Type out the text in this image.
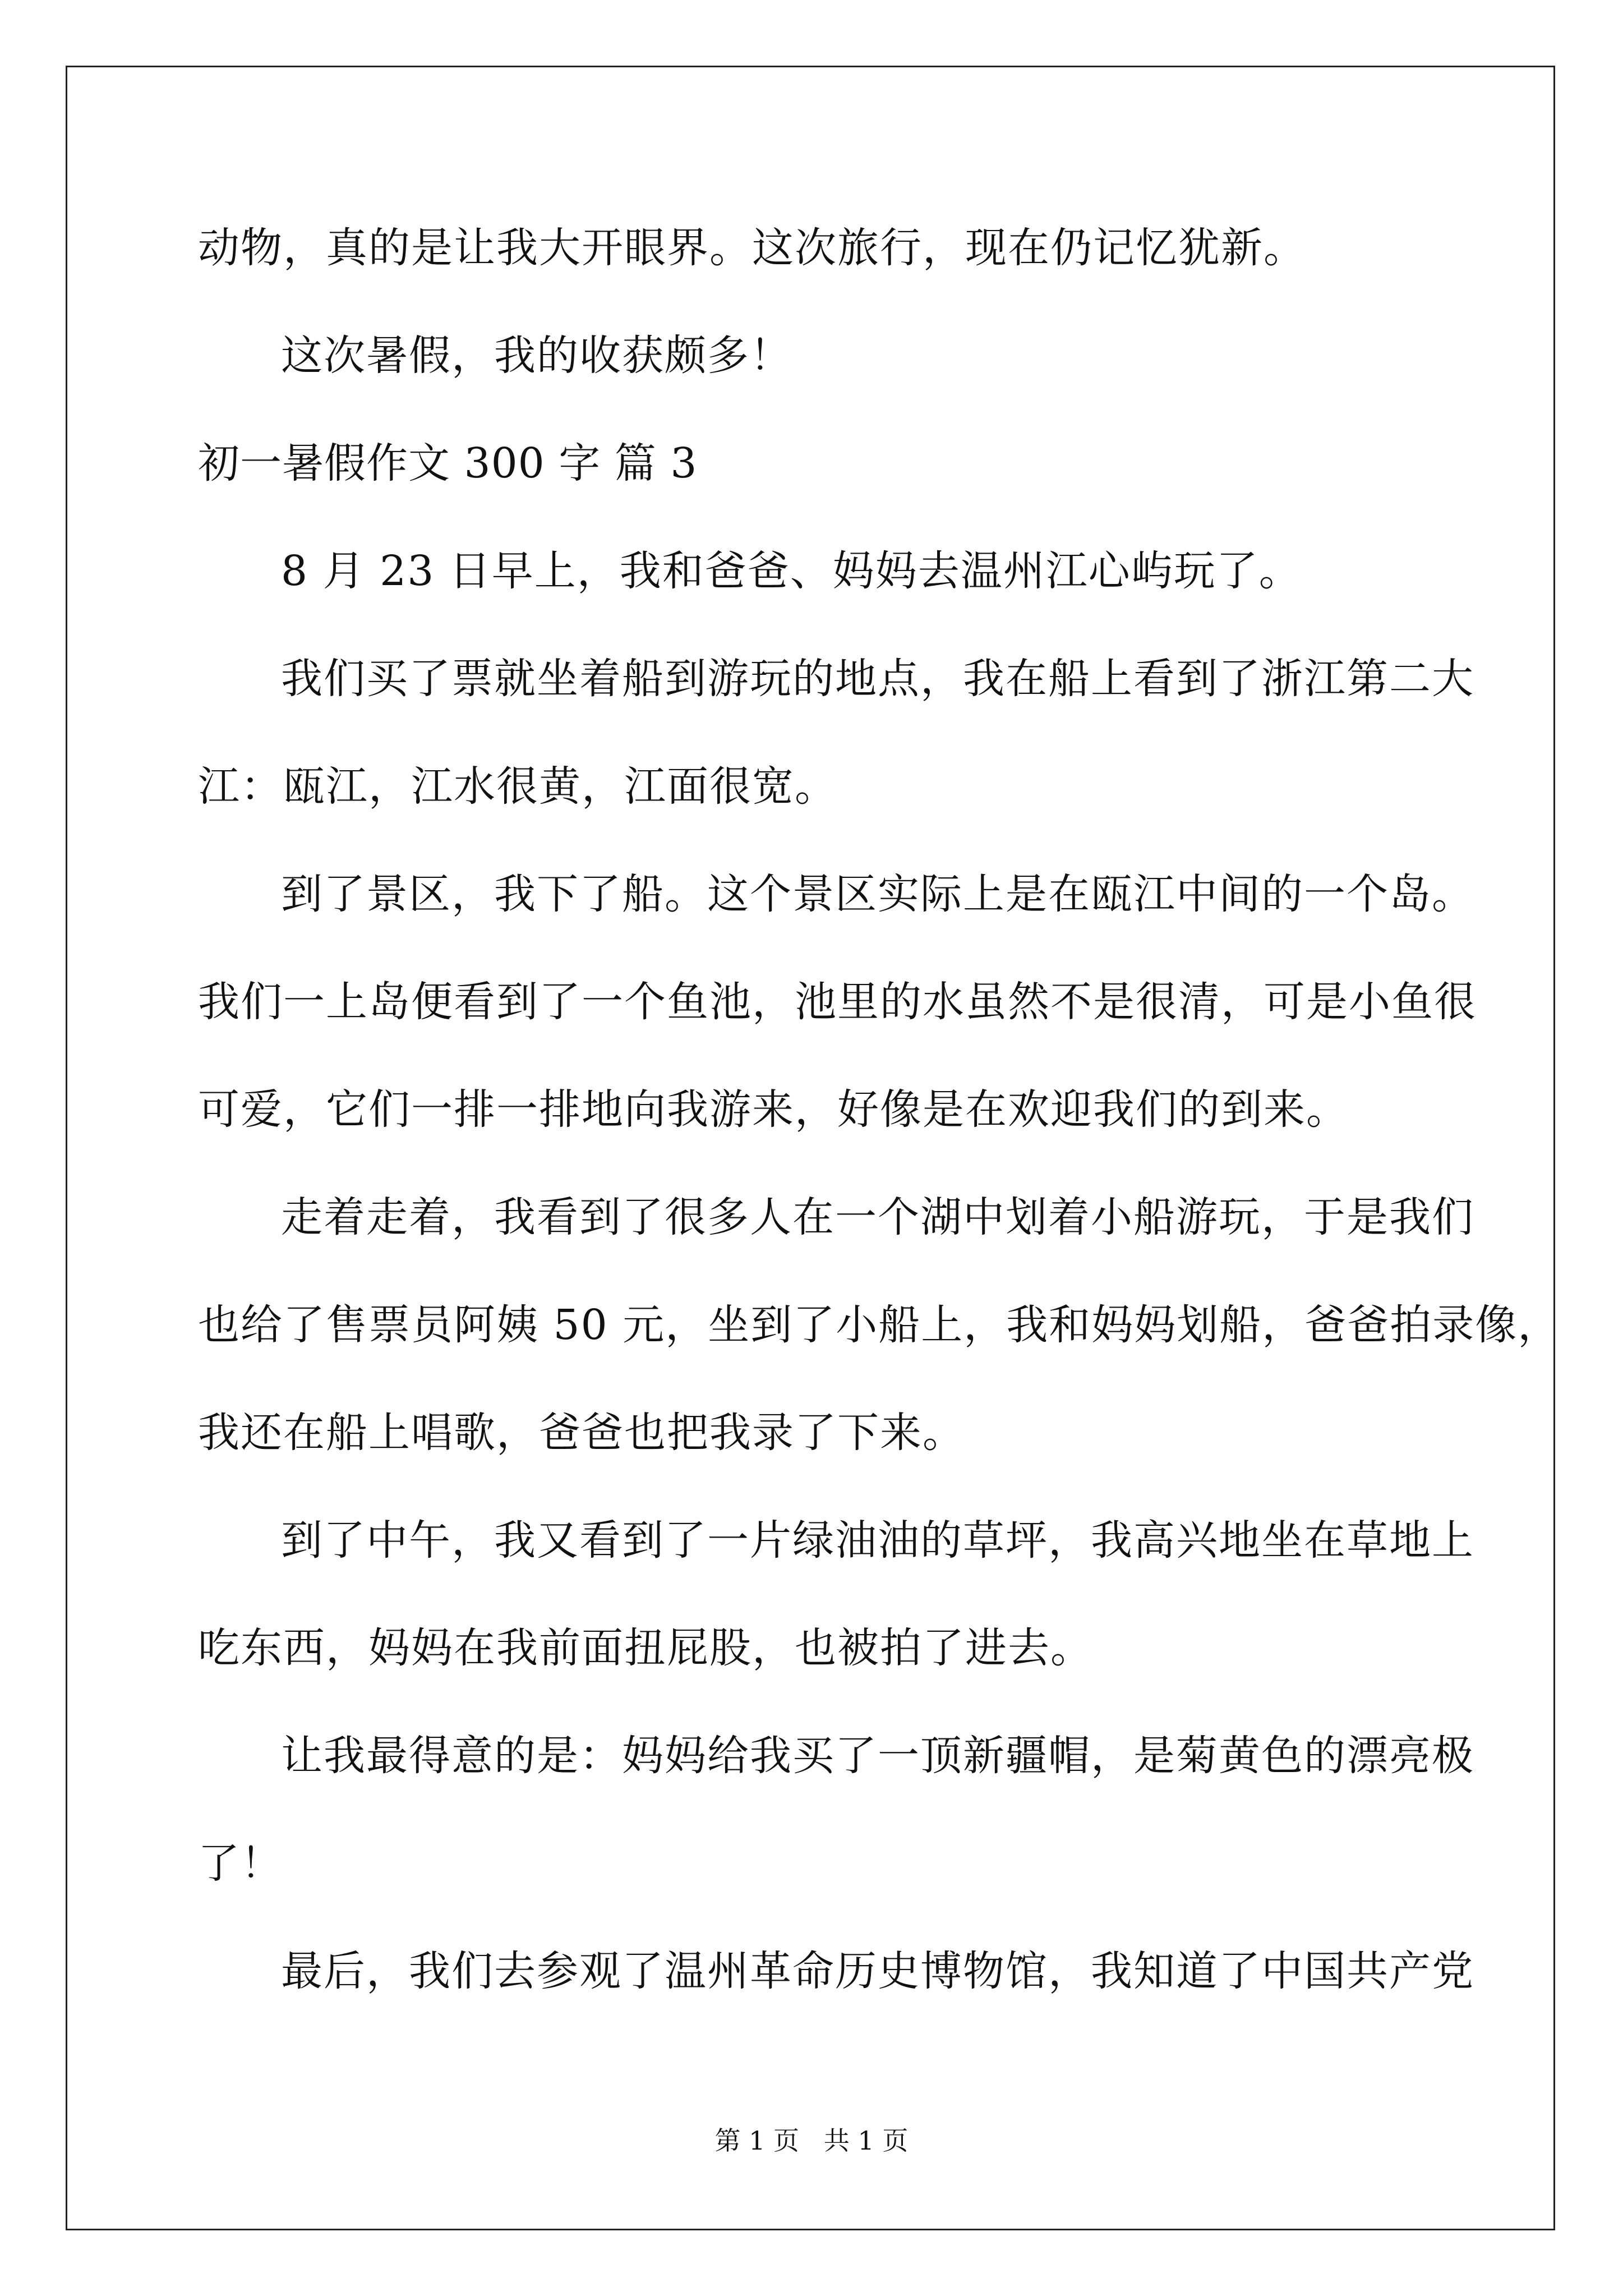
动物，真的是让我大开眼界。这次旅行，现在仍记忆犹新。
这次暑假，我的收获颇多！
初一暑假作文 300 字 篇 3
8 月 23 日早上，我和爸爸、妈妈去温州江心屿玩了。
我们买了票就坐着船到游玩的地点，我在船上看到了浙江第二大
江：瓯江，江水很黄，江面很宽。
到了景区，我下了船。这个景区实际上是在瓯江中间的一个岛。
我们一上岛便看到了一个鱼池，池里的水虽然不是很清，可是小鱼很
可爱，它们一排一排地向我游来，好像是在欢迎我们的到来。
走着走着，我看到了很多人在一个湖中划着小船游玩，于是我们
也给了售票员阿姨 50 元，坐到了小船上，我和妈妈划船，爸爸拍录像，
我还在船上唱歌，爸爸也把我录了下来。
到了中午，我又看到了一片绿油油的草坪，我高兴地坐在草地上
吃东西，妈妈在我前面扭屁股，也被拍了进去。
让我最得意的是：妈妈给我买了一顶新疆帽，是菊黄色的漂亮极
了！
最后，我们去参观了温州革命历史博物馆，我知道了中国共产党
第 1 页   共 1 页
